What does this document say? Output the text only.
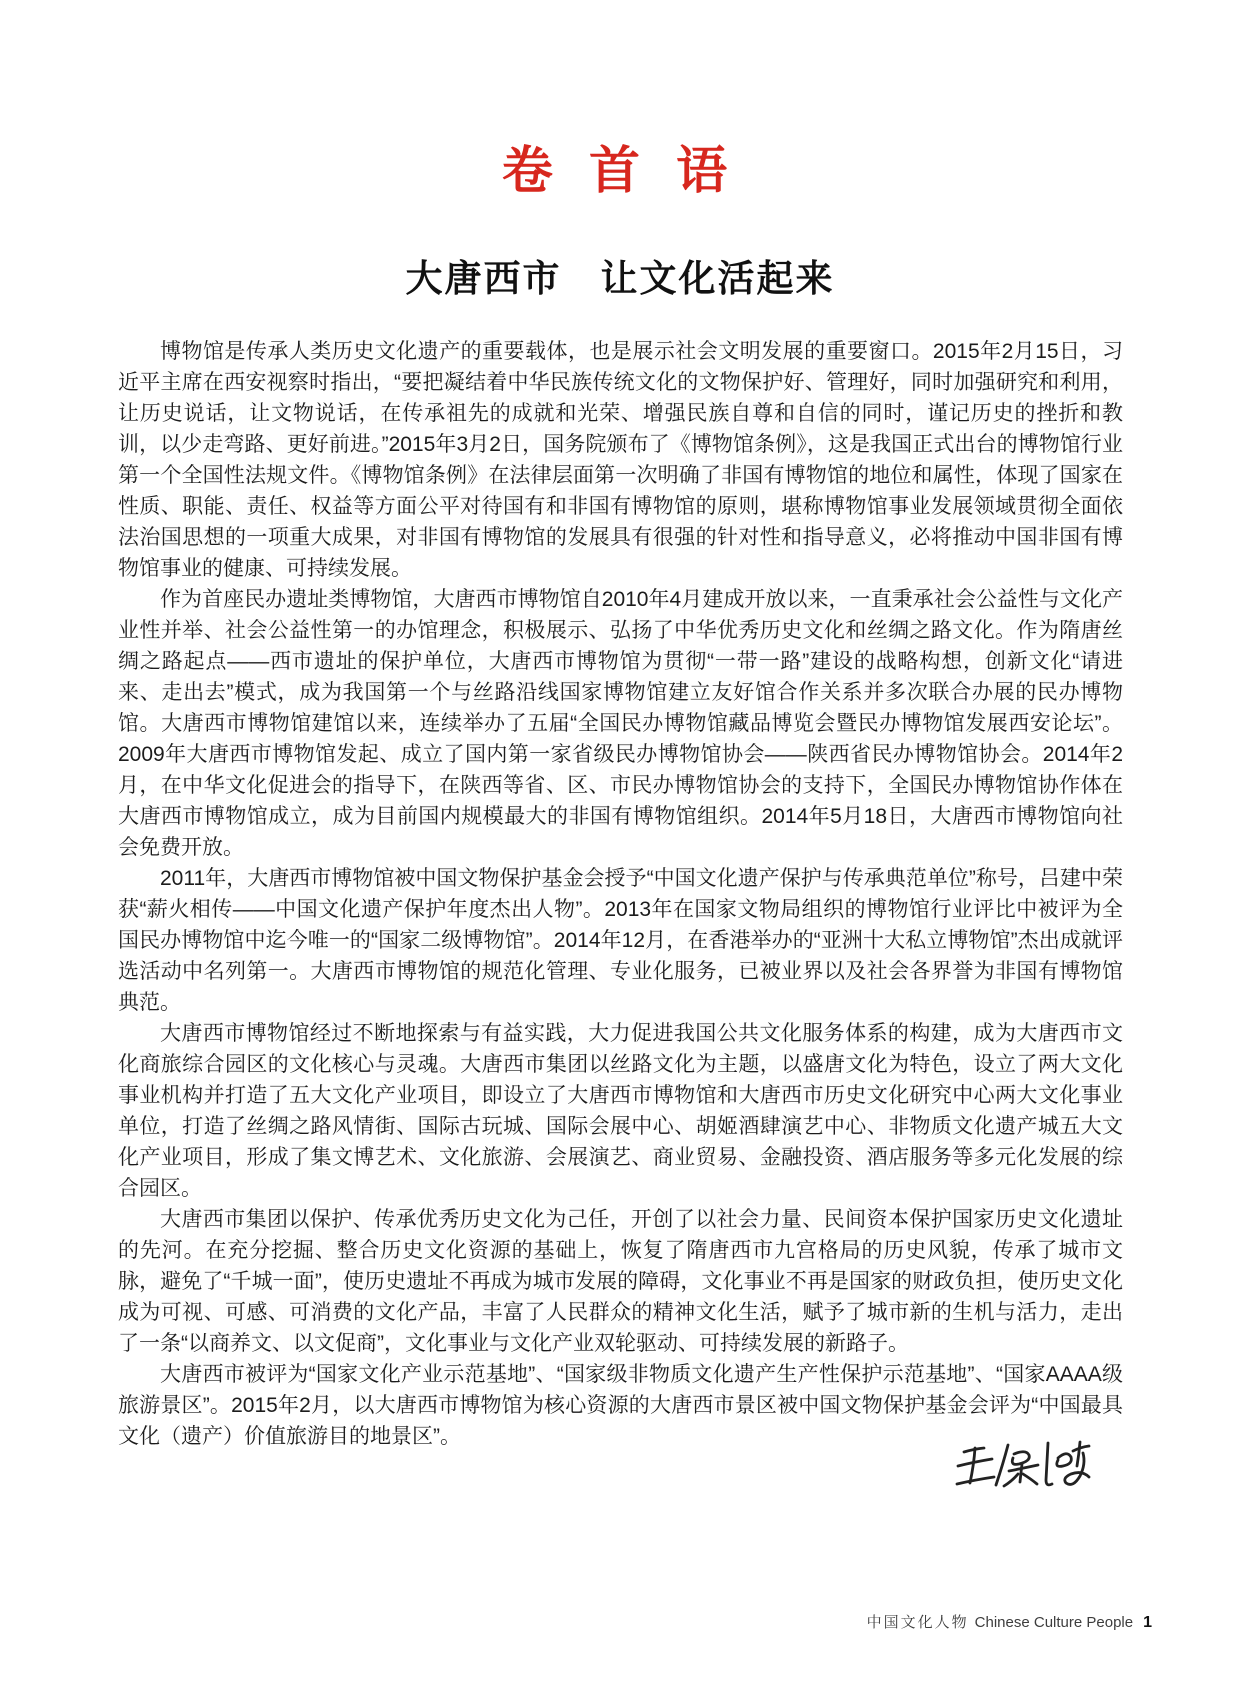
卷 首 语
大唐西市　让文化活起来

博物馆是传承人类历史文化遗产的重要载体，也是展示社会文明发展的重要窗口。2015年2月15日，习近平主席在西安视察时指出，“要把凝结着中华民族传统文化的文物保护好、管理好，同时加强研究和利用，让历史说话，让文物说话，在传承祖先的成就和光荣、增强民族自尊和自信的同时，谨记历史的挫折和教训，以少走弯路、更好前进。”2015年3月2日，国务院颁布了《博物馆条例》，这是我国正式出台的博物馆行业第一个全国性法规文件。《博物馆条例》在法律层面第一次明确了非国有博物馆的地位和属性，体现了国家在性质、职能、责任、权益等方面公平对待国有和非国有博物馆的原则，堪称博物馆事业发展领域贯彻全面依法治国思想的一项重大成果，对非国有博物馆的发展具有很强的针对性和指导意义，必将推动中国非国有博物馆事业的健康、可持续发展。

作为首座民办遗址类博物馆，大唐西市博物馆自2010年4月建成开放以来，一直秉承社会公益性与文化产业性并举、社会公益性第一的办馆理念，积极展示、弘扬了中华优秀历史文化和丝绸之路文化。作为隋唐丝绸之路起点——西市遗址的保护单位，大唐西市博物馆为贯彻“一带一路”建设的战略构想，创新文化“请进来、走出去”模式，成为我国第一个与丝路沿线国家博物馆建立友好馆合作关系并多次联合办展的民办博物馆。大唐西市博物馆建馆以来，连续举办了五届“全国民办博物馆藏品博览会暨民办博物馆发展西安论坛”。 2009年大唐西市博物馆发起、成立了国内第一家省级民办博物馆协会——陕西省民办博物馆协会。2014年2月，在中华文化促进会的指导下，在陕西等省、区、市民办博物馆协会的支持下，全国民办博物馆协作体在大唐西市博物馆成立，成为目前国内规模最大的非国有博物馆组织。2014年5月18日，大唐西市博物馆向社会免费开放。

2011年，大唐西市博物馆被中国文物保护基金会授予“中国文化遗产保护与传承典范单位”称号，吕建中荣获“薪火相传——中国文化遗产保护年度杰出人物”。2013年在国家文物局组织的博物馆行业评比中被评为全国民办博物馆中迄今唯一的“国家二级博物馆”。2014年12月，在香港举办的“亚洲十大私立博物馆”杰出成就评选活动中名列第一。大唐西市博物馆的规范化管理、专业化服务，已被业界以及社会各界誉为非国有博物馆典范。

大唐西市博物馆经过不断地探索与有益实践，大力促进我国公共文化服务体系的构建，成为大唐西市文化商旅综合园区的文化核心与灵魂。大唐西市集团以丝路文化为主题，以盛唐文化为特色，设立了两大文化事业机构并打造了五大文化产业项目，即设立了大唐西市博物馆和大唐西市历史文化研究中心两大文化事业单位，打造了丝绸之路风情街、国际古玩城、国际会展中心、胡姬酒肆演艺中心、非物质文化遗产城五大文化产业项目，形成了集文博艺术、文化旅游、会展演艺、商业贸易、金融投资、酒店服务等多元化发展的综合园区。

大唐西市集团以保护、传承优秀历史文化为己任，开创了以社会力量、民间资本保护国家历史文化遗址的先河。在充分挖掘、整合历史文化资源的基础上，恢复了隋唐西市九宫格局的历史风貌，传承了城市文脉，避免了“千城一面”，使历史遗址不再成为城市发展的障碍，文化事业不再是国家的财政负担，使历史文化成为可视、可感、可消费的文化产品，丰富了人民群众的精神文化生活，赋予了城市新的生机与活力，走出了一条“以商养文、以文促商”，文化事业与文化产业双轮驱动、可持续发展的新路子。

大唐西市被评为“国家文化产业示范基地”、“国家级非物质文化遗产生产性保护示范基地”、“国家AAAA级旅游景区”。2015年2月，以大唐西市博物馆为核心资源的大唐西市景区被中国文物保护基金会评为“中国最具文化（遗产）价值旅游目的地景区”。

中国文化人物 Chinese Culture People 1
